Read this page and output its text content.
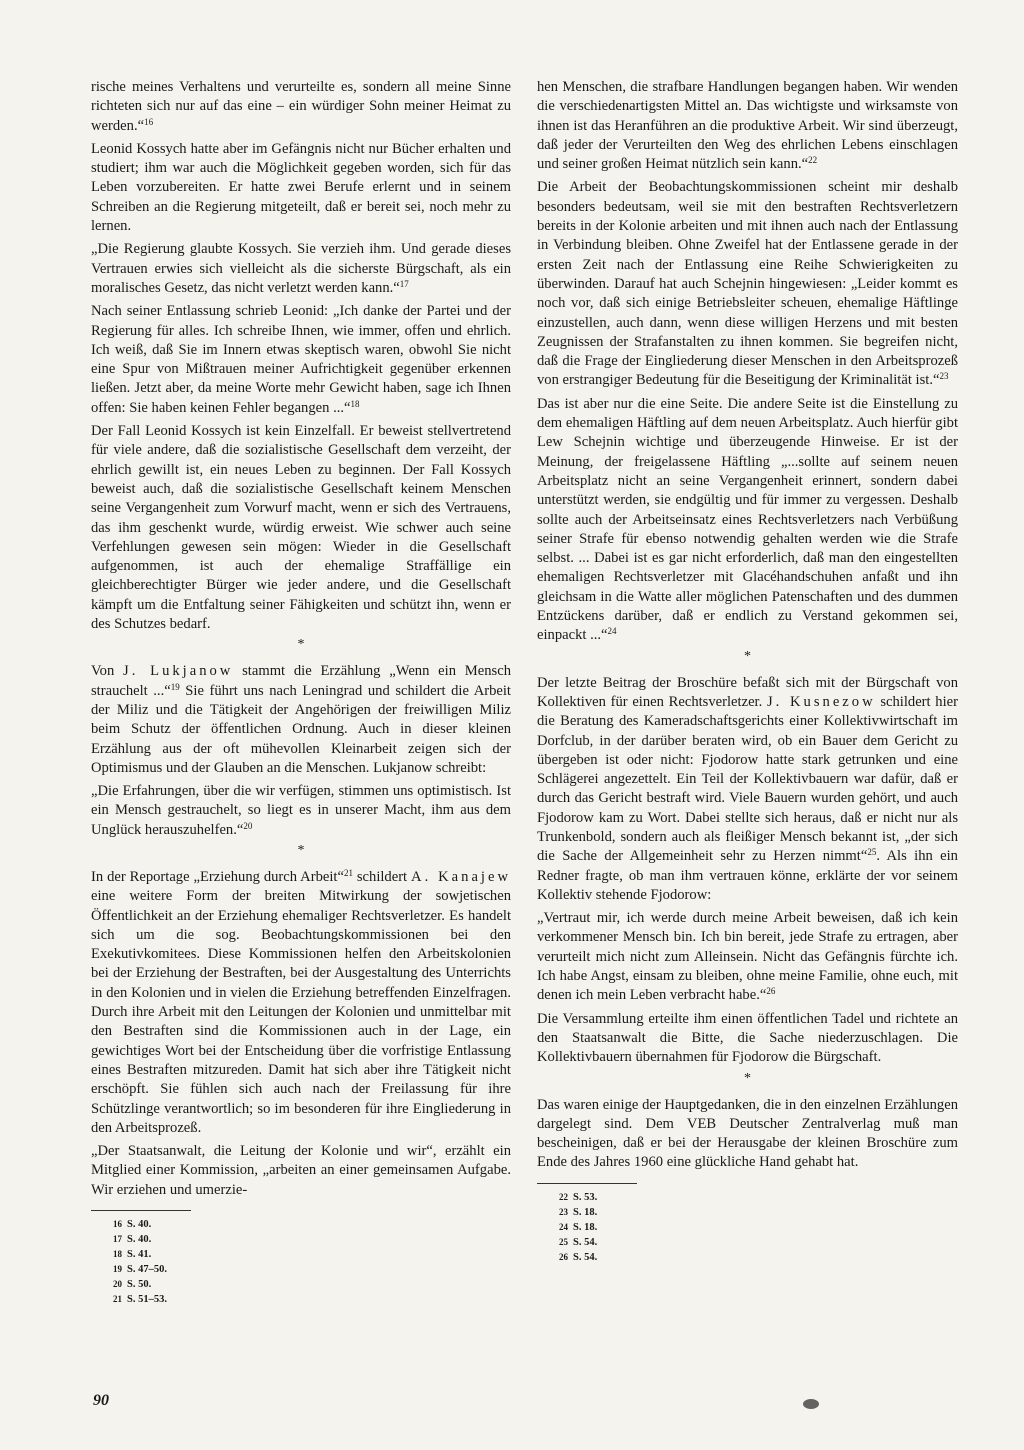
rische meines Verhaltens und verurteilte es, sondern all meine Sinne richteten sich nur auf das eine – ein würdiger Sohn meiner Heimat zu werden.“$^{16}$

Leonid Kossych hatte aber im Gefängnis nicht nur Bücher erhalten und studiert; ihm war auch die Möglichkeit gegeben worden, sich für das Leben vorzubereiten. Er hatte zwei Berufe erlernt und in seinem Schreiben an die Regierung mitgeteilt, daß er bereit sei, noch mehr zu lernen.

„Die Regierung glaubte Kossych. Sie verzieh ihm. Und gerade dieses Vertrauen erwies sich vielleicht als die sicherste Bürgschaft, als ein moralisches Gesetz, das nicht verletzt werden kann.“$^{17}$

Nach seiner Entlassung schrieb Leonid: „Ich danke der Partei und der Regierung für alles. Ich schreibe Ihnen, wie immer, offen und ehrlich. Ich weiß, daß Sie im Innern etwas skeptisch waren, obwohl Sie nicht eine Spur von Mißtrauen meiner Aufrichtigkeit gegenüber erkennen ließen. Jetzt aber, da meine Worte mehr Gewicht haben, sage ich Ihnen offen: Sie haben keinen Fehler begangen ...“$^{18}$

Der Fall Leonid Kossych ist kein Einzelfall. Er beweist stellvertretend für viele andere, daß die sozialistische Gesellschaft dem verzeiht, der ehrlich gewillt ist, ein neues Leben zu beginnen. Der Fall Kossych beweist auch, daß die sozialistische Gesellschaft keinem Menschen seine Vergangenheit zum Vorwurf macht, wenn er sich des Vertrauens, das ihm geschenkt wurde, würdig erweist. Wie schwer auch seine Verfehlungen gewesen sein mögen: Wieder in die Gesellschaft aufgenommen, ist auch der ehemalige Straffällige ein gleichberechtigter Bürger wie jeder andere, und die Gesellschaft kämpft um die Entfaltung seiner Fähigkeiten und schützt ihn, wenn er des Schutzes bedarf.

*

Von J. Lukjanow stammt die Erzählung „Wenn ein Mensch strauchelt ...“$^{19}$ Sie führt uns nach Leningrad und schildert die Arbeit der Miliz und die Tätigkeit der Angehörigen der freiwilligen Miliz beim Schutz der öffentlichen Ordnung. Auch in dieser kleinen Erzählung aus der oft mühevollen Kleinarbeit zeigen sich der Optimismus und der Glauben an die Menschen. Lukjanow schreibt:

„Die Erfahrungen, über die wir verfügen, stimmen uns optimistisch. Ist ein Mensch gestrauchelt, so liegt es in unserer Macht, ihm aus dem Unglück herauszuhelfen.“$^{20}$

*

In der Reportage „Erziehung durch Arbeit“$^{21}$ schildert A. Kanajew eine weitere Form der breiten Mitwirkung der sowjetischen Öffentlichkeit an der Erziehung ehemaliger Rechtsverletzer. Es handelt sich um die sog. Beobachtungskommissionen bei den Exekutivkomitees. Diese Kommissionen helfen den Arbeitskolonien bei der Erziehung der Bestraften, bei der Ausgestaltung des Unterrichts in den Kolonien und in vielen die Erziehung betreffenden Einzelfragen. Durch ihre Arbeit mit den Leitungen der Kolonien und unmittelbar mit den Bestraften sind die Kommissionen auch in der Lage, ein gewichtiges Wort bei der Entscheidung über die vorfristige Entlassung eines Bestraften mitzureden. Damit hat sich aber ihre Tätigkeit nicht erschöpft. Sie fühlen sich auch nach der Freilassung für ihre Schützlinge verantwortlich; so im besonderen für ihre Eingliederung in den Arbeitsprozeß.

„Der Staatsanwalt, die Leitung der Kolonie und wir“, erzählt ein Mitglied einer Kommission, „arbeiten an einer gemeinsamen Aufgabe. Wir erziehen und umerzie-

16 S. 40.
17 S. 40.
18 S. 41.
19 S. 47–50.
20 S. 50.
21 S. 51–53.

hen Menschen, die strafbare Handlungen begangen haben. Wir wenden die verschiedenartigsten Mittel an. Das wichtigste und wirksamste von ihnen ist das Heranführen an die produktive Arbeit. Wir sind überzeugt, daß jeder der Verurteilten den Weg des ehrlichen Lebens einschlagen und seiner großen Heimat nützlich sein kann.“$^{22}$

Die Arbeit der Beobachtungskommissionen scheint mir deshalb besonders bedeutsam, weil sie mit den bestraften Rechtsverletzern bereits in der Kolonie arbeiten und mit ihnen auch nach der Entlassung in Verbindung bleiben. Ohne Zweifel hat der Entlassene gerade in der ersten Zeit nach der Entlassung eine Reihe Schwierigkeiten zu überwinden. Darauf hat auch Schejnin hingewiesen: „Leider kommt es noch vor, daß sich einige Betriebsleiter scheuen, ehemalige Häftlinge einzustellen, auch dann, wenn diese willigen Herzens und mit besten Zeugnissen der Strafanstalten zu ihnen kommen. Sie begreifen nicht, daß die Frage der Eingliederung dieser Menschen in den Arbeitsprozeß von erstrangiger Bedeutung für die Beseitigung der Kriminalität ist.“$^{23}$

Das ist aber nur die eine Seite. Die andere Seite ist die Einstellung zu dem ehemaligen Häftling auf dem neuen Arbeitsplatz. Auch hierfür gibt Lew Schejnin wichtige und überzeugende Hinweise. Er ist der Meinung, der freigelassene Häftling „...sollte auf seinem neuen Arbeitsplatz nicht an seine Vergangenheit erinnert, sondern dabei unterstützt werden, sie endgültig und für immer zu vergessen. Deshalb sollte auch der Arbeitseinsatz eines Rechtsverletzers nach Verbüßung seiner Strafe für ebenso notwendig gehalten werden wie die Strafe selbst. ... Dabei ist es gar nicht erforderlich, daß man den eingestellten ehemaligen Rechtsverletzer mit Glacéhandschuhen anfaßt und ihn gleichsam in die Watte aller möglichen Patenschaften und des dummen Entzückens darüber, daß er endlich zu Verstand gekommen sei, einpackt ...“$^{24}$

*

Der letzte Beitrag der Broschüre befaßt sich mit der Bürgschaft von Kollektiven für einen Rechtsverletzer. J. Kusnezow schildert hier die Beratung des Kameradschaftsgerichts einer Kollektivwirtschaft im Dorfclub, in der darüber beraten wird, ob ein Bauer dem Gericht zu übergeben ist oder nicht: Fjodorow hatte stark getrunken und eine Schlägerei angezettelt. Ein Teil der Kollektivbauern war dafür, daß er durch das Gericht bestraft wird. Viele Bauern wurden gehört, und auch Fjodorow kam zu Wort. Dabei stellte sich heraus, daß er nicht nur als Trunkenbold, sondern auch als fleißiger Mensch bekannt ist, „der sich die Sache der Allgemeinheit sehr zu Herzen nimmt“$^{25}$. Als ihn ein Redner fragte, ob man ihm vertrauen könne, erklärte der vor seinem Kollektiv stehende Fjodorow:

„Vertraut mir, ich werde durch meine Arbeit beweisen, daß ich kein verkommener Mensch bin. Ich bin bereit, jede Strafe zu ertragen, aber verurteilt mich nicht zum Alleinsein. Nicht das Gefängnis fürchte ich. Ich habe Angst, einsam zu bleiben, ohne meine Familie, ohne euch, mit denen ich mein Leben verbracht habe.“$^{26}$

Die Versammlung erteilte ihm einen öffentlichen Tadel und richtete an den Staatsanwalt die Bitte, die Sache niederzuschlagen. Die Kollektivbauern übernahmen für Fjodorow die Bürgschaft.

*

Das waren einige der Hauptgedanken, die in den einzelnen Erzählungen dargelegt sind. Dem VEB Deutscher Zentralverlag muß man bescheinigen, daß er bei der Herausgabe der kleinen Broschüre zum Ende des Jahres 1960 eine glückliche Hand gehabt hat.

22 S. 53.
23 S. 18.
24 S. 18.
25 S. 54.
26 S. 54.
90
